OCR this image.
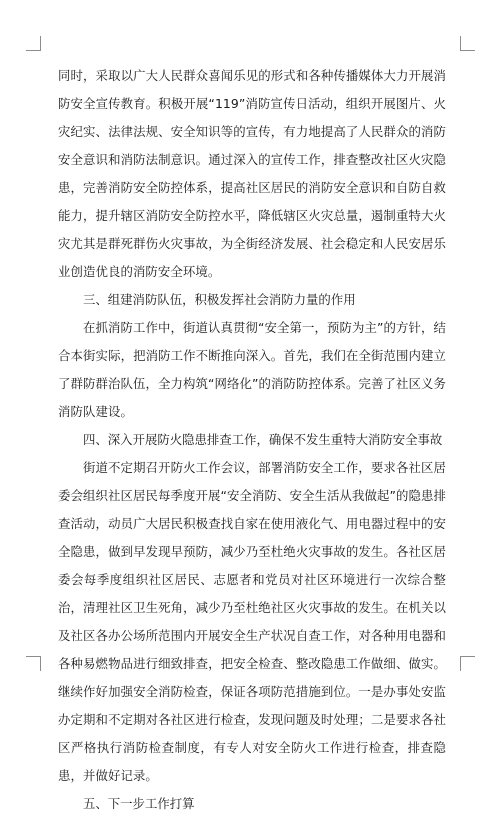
同时，采取以广大人民群众喜闻乐见的形式和各种传播媒体大力开展消防安全宣传教育。积极开展“119”消防宣传日活动，组织开展图片、火灾纪实、法律法规、安全知识等的宣传，有力地提高了人民群众的消防安全意识和消防法制意识。通过深入的宣传工作，排查整改社区火灾隐患，完善消防安全防控体系，提高社区居民的消防安全意识和自防自救能力，提升辖区消防安全防控水平，降低辖区火灾总量，遏制重特大火灾尤其是群死群伤火灾事故，为全街经济发展、社会稳定和人民安居乐业创造优良的消防安全环境。

三、组建消防队伍，积极发挥社会消防力量的作用

在抓消防工作中，街道认真贯彻“安全第一，预防为主”的方针，结合本街实际，把消防工作不断推向深入。首先，我们在全街范围内建立了群防群治队伍，全力构筑“网络化”的消防防控体系。完善了社区义务消防队建设。

四、深入开展防火隐患排查工作，确保不发生重特大消防安全事故

街道不定期召开防火工作会议，部署消防安全工作，要求各社区居委会组织社区居民每季度开展“安全消防、安全生活从我做起”的隐患排查活动，动员广大居民积极查找自家在使用液化气、用电器过程中的安全隐患，做到早发现早预防，减少乃至杜绝火灾事故的发生。各社区居委会每季度组织社区居民、志愿者和党员对社区环境进行一次综合整治，清理社区卫生死角，减少乃至杜绝社区火灾事故的发生。在机关以及社区各办公场所范围内开展安全生产状况自查工作，对各种用电器和各种易燃物品进行细致排查，把安全检查、整改隐患工作做细、做实。继续作好加强安全消防检查，保证各项防范措施到位。一是办事处安监办定期和不定期对各社区进行检查，发现问题及时处理；二是要求各社区严格执行消防检查制度，有专人对安全防火工作进行检查，排查隐患，并做好记录。

五、下一步工作打算
